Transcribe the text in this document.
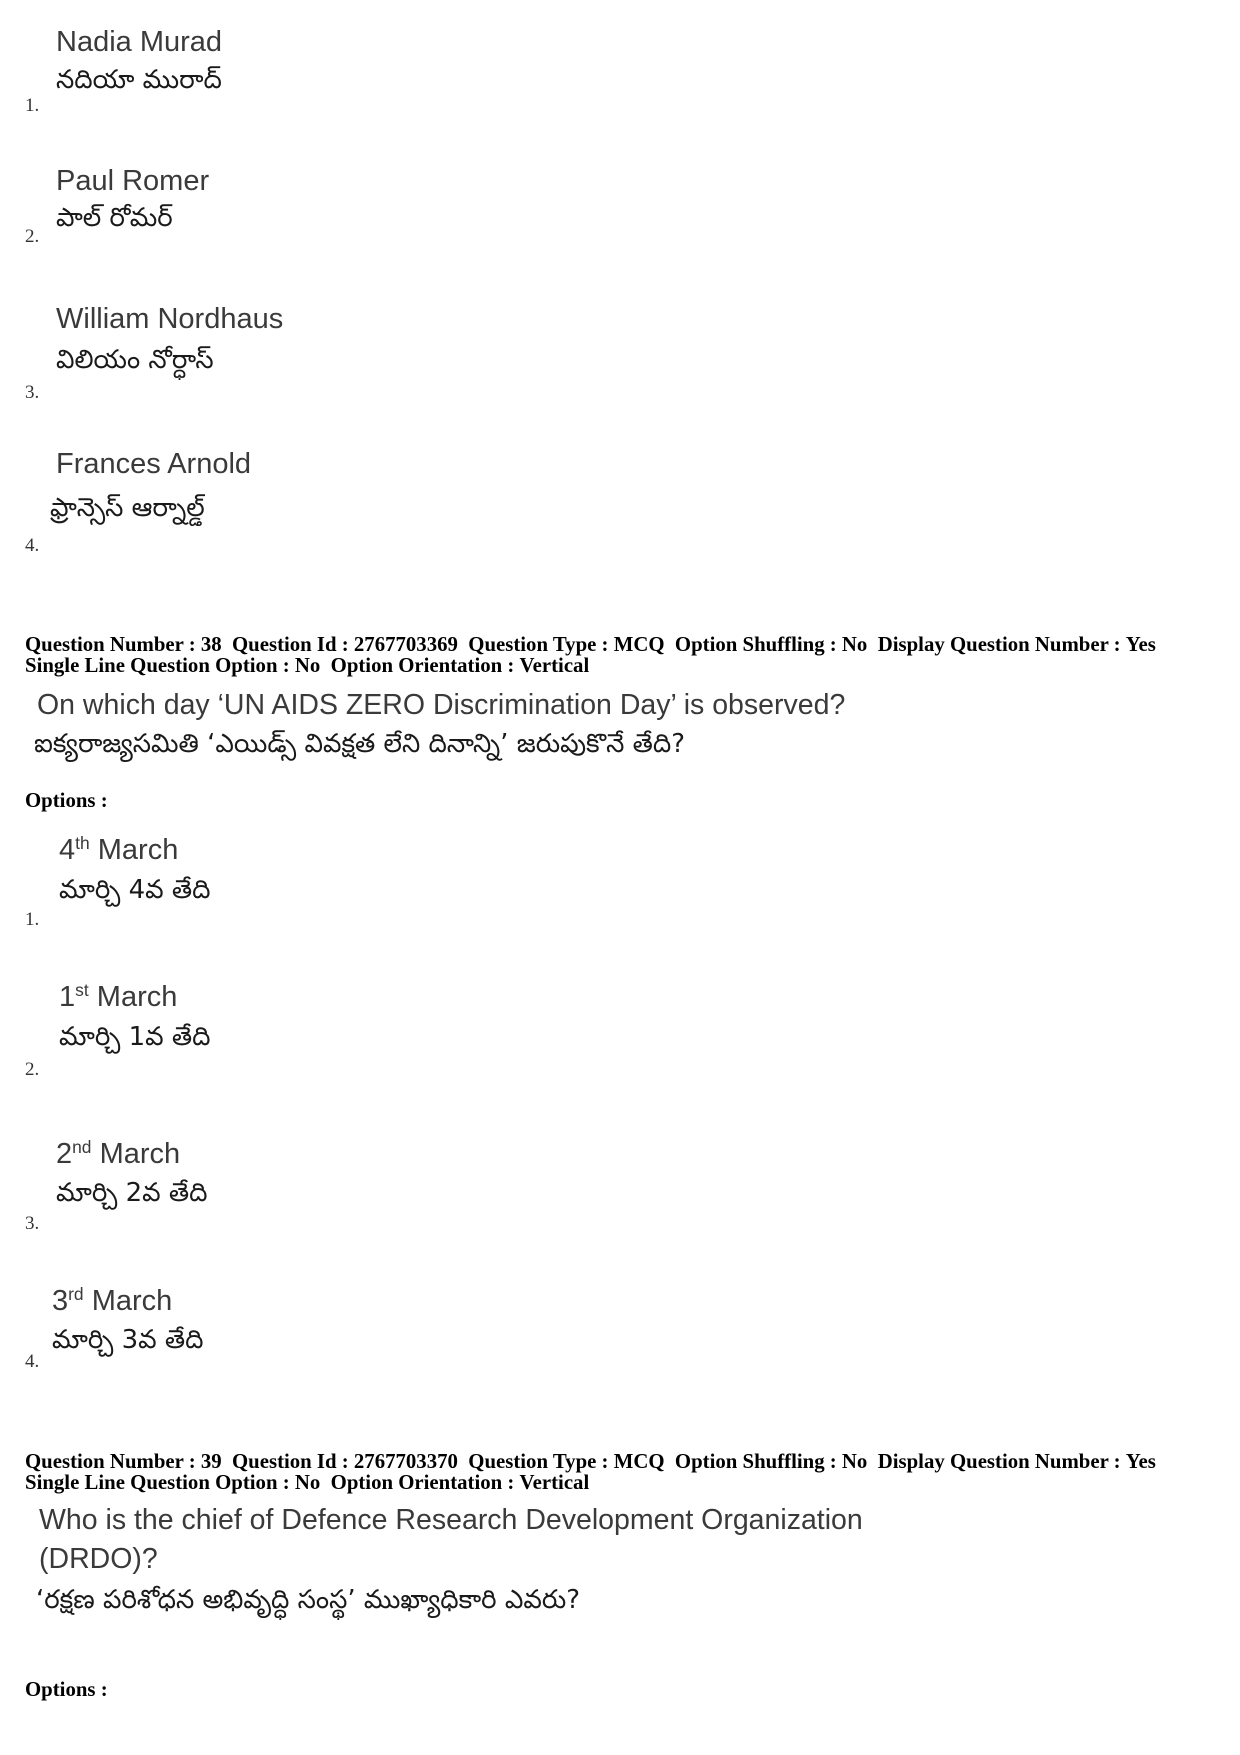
Nadia Murad
నదియా మురాద్
1.
Paul Romer
పాల్ రోమర్
2.
William Nordhaus
విలియం నోర్ధాస్
3.
Frances Arnold
ఫ్రాన్సెస్ ఆర్నాల్డ్
4.
Question Number : 38 Question Id : 2767703369 Question Type : MCQ Option Shuffling : No Display Question Number : Yes
Single Line Question Option : No Option Orientation : Vertical
On which day ‘UN AIDS ZERO Discrimination Day’ is observed?
ఐక్యరాజ్యసమితి ‘ఎయిడ్స్ వివక్షత లేని దినాన్ని’ జరుపుకొనే తేది?
Options :
4 th March
మార్చి 4వ తేది
1.
1 st March
మార్చి 1వ తేది
2.
2 nd March
మార్చి 2వ తేది
3.
3 rd March
మార్చి 3వ తేది
4.
Question Number : 39 Question Id : 2767703370 Question Type : MCQ Option Shuffling : No Display Question Number : Yes
Single Line Question Option : No Option Orientation : Vertical
Who is the chief of Defence Research Development Organization
(DRDO)?
‘రక్షణ పరిశోధన అభివృద్ధి సంస్థ’ ముఖ్యాధికారి ఎవరు?
Options :
